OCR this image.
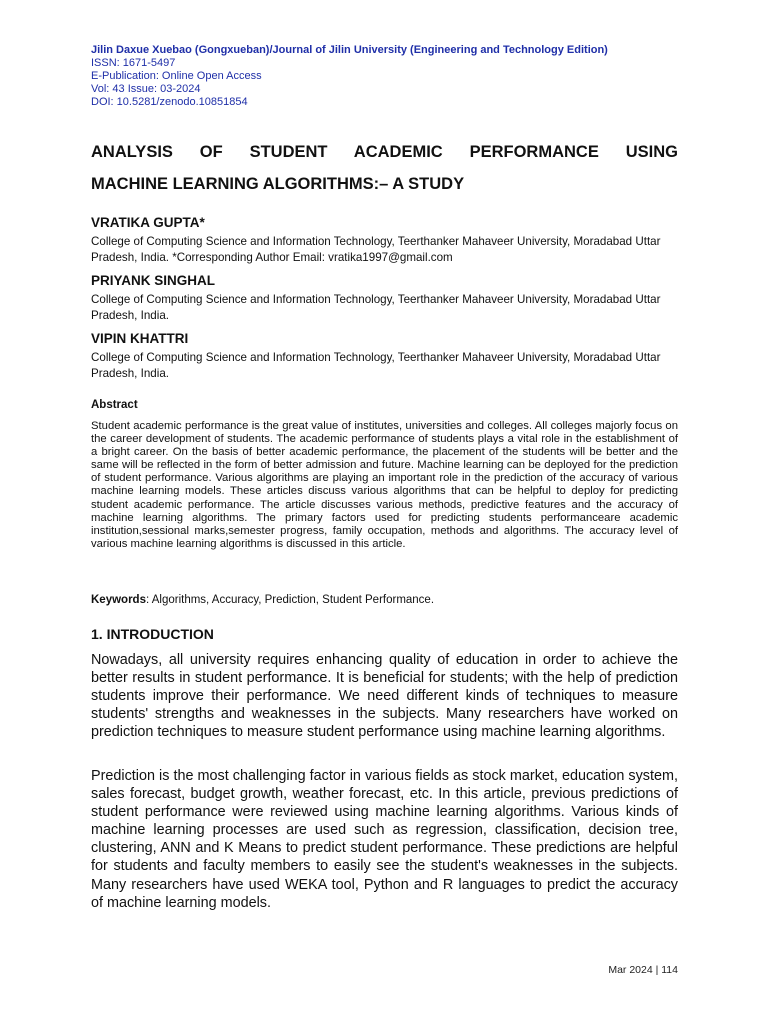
Jilin Daxue Xuebao (Gongxueban)/Journal of Jilin University (Engineering and Technology Edition)
ISSN: 1671-5497
E-Publication: Online Open Access
Vol: 43 Issue: 03-2024
DOI: 10.5281/zenodo.10851854
ANALYSIS OF STUDENT ACADEMIC PERFORMANCE USING
MACHINE LEARNING ALGORITHMS:– A STUDY
VRATIKA GUPTA*
College of Computing Science and Information Technology, Teerthanker Mahaveer University, Moradabad Uttar Pradesh, India. *Corresponding Author Email: vratika1997@gmail.com
PRIYANK SINGHAL
College of Computing Science and Information Technology, Teerthanker Mahaveer University, Moradabad Uttar Pradesh, India.
VIPIN KHATTRI
College of Computing Science and Information Technology, Teerthanker Mahaveer University, Moradabad Uttar Pradesh, India.
Abstract

Student academic performance is the great value of institutes, universities and colleges. All colleges majorly focus on the career development of students. The academic performance of students plays a vital role in the establishment of a bright career. On the basis of better academic performance, the placement of the students will be better and the same will be reflected in the form of better admission and future. Machine learning can be deployed for the prediction of student performance. Various algorithms are playing an important role in the prediction of the accuracy of various machine learning models. These articles discuss various algorithms that can be helpful to deploy for predicting student academic performance. The article discusses various methods, predictive features and the accuracy of machine learning algorithms. The primary factors used for predicting students performanceare academic institution,sessional marks,semester progress, family occupation, methods and algorithms. The accuracy level of various machine learning algorithms is discussed in this article.

Keywords: Algorithms, Accuracy, Prediction, Student Performance.
1. INTRODUCTION

Nowadays, all university requires enhancing quality of education in order to achieve the better results in student performance. It is beneficial for students; with the help of prediction students improve their performance. We need different kinds of techniques to measure students' strengths and weaknesses in the subjects. Many researchers have worked on prediction techniques to measure student performance using machine learning algorithms.

Prediction is the most challenging factor in various fields as stock market, education system, sales forecast, budget growth, weather forecast, etc. In this article, previous predictions of student performance were reviewed using machine learning algorithms. Various kinds of machine learning processes are used such as regression, classification, decision tree, clustering, ANN and K Means to predict student performance. These predictions are helpful for students and faculty members to easily see the student's weaknesses in the subjects. Many researchers have used WEKA tool, Python and R languages to predict the accuracy of machine learning models.

Mar 2024 | 114
